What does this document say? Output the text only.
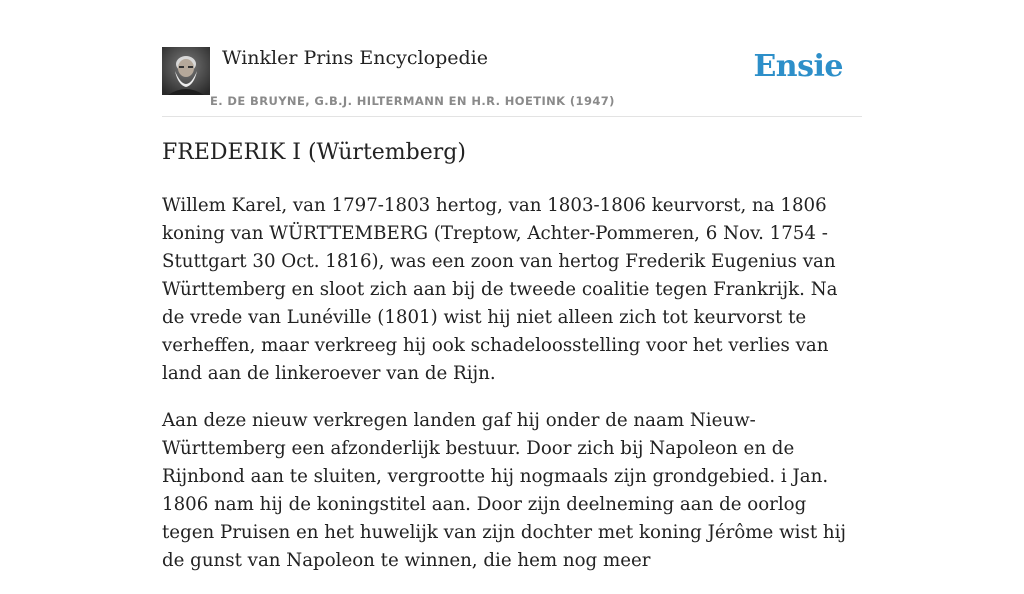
Winkler Prins Encyclopedie
E. DE BRUYNE, G.B.J. HILTERMANN EN H.R. HOETINK (1947)
Ensie
FREDERIK I (Würtemberg)

Willem Karel, van 1797-1803 hertog, van 1803-1806 keurvorst, na 1806 koning van WÜRTTEMBERG (Treptow, Achter-Pommeren, 6 Nov. 1754 - Stuttgart 30 Oct. 1816), was een zoon van hertog Frederik Eugenius van Württemberg en sloot zich aan bij de tweede coalitie tegen Frankrijk. Na de vrede van Lunéville (1801) wist hij niet alleen zich tot keurvorst te verheffen, maar verkreeg hij ook schadeloosstelling voor het verlies van land aan de linkeroever van de Rijn.

Aan deze nieuw verkregen landen gaf hij onder de naam Nieuw-Württemberg een afzonderlijk bestuur. Door zich bij Napoleon en de Rijnbond aan te sluiten, vergrootte hij nogmaals zijn grondgebied. i Jan. 1806 nam hij de koningstitel aan. Door zijn deelneming aan de oorlog tegen Pruisen en het huwelijk van zijn dochter met koning Jérôme wist hij de gunst van Napoleon te winnen, die hem nog meer
